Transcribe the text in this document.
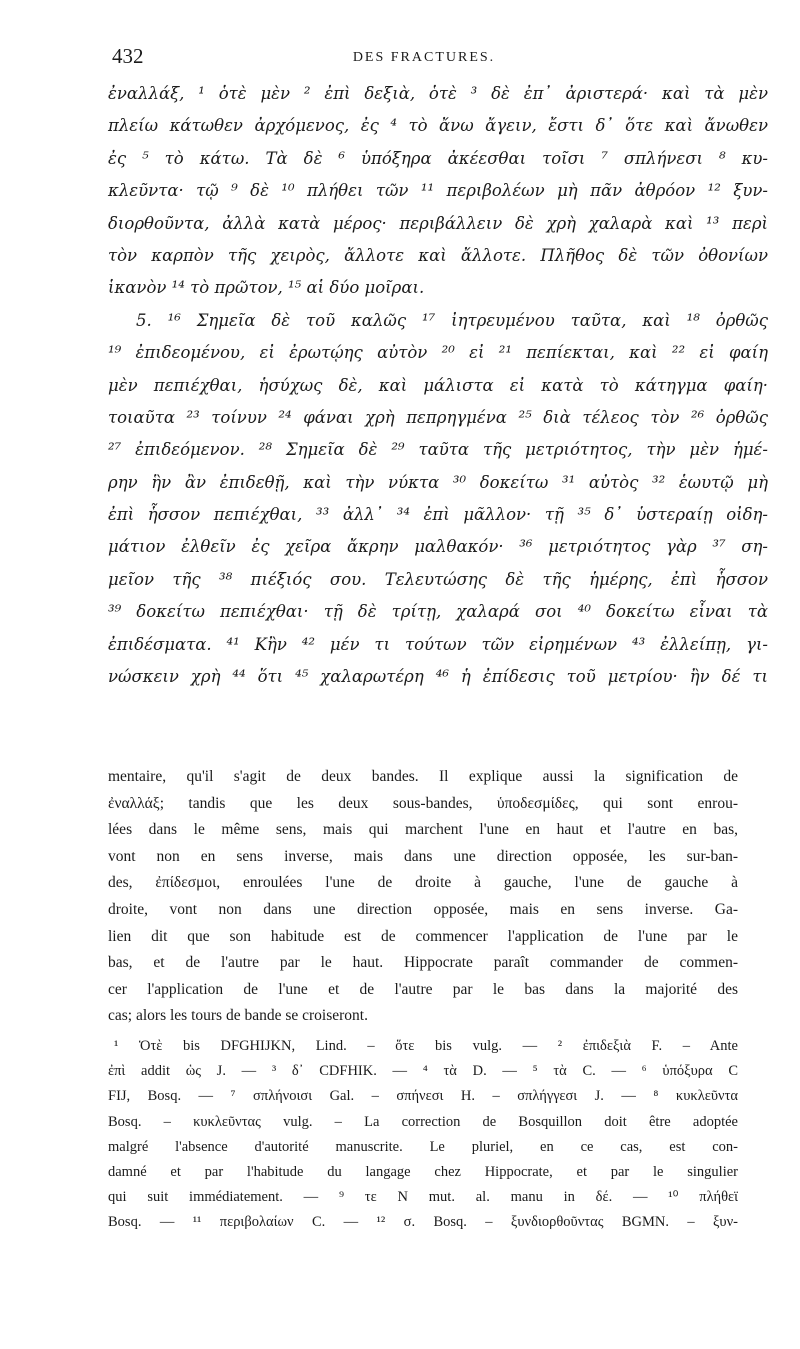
432	DES FRACTURES.
ἐναλλάξ, ¹ ὁτὲ μὲν ² ἐπὶ δεξιὰ, ὁτὲ ³ δὲ ἐπ᾽ ἀριστερά· καὶ τὰ μὲν
πλείω κάτωθεν ἀρχόμενος, ἐς ⁴ τὸ ἄνω ἄγειν, ἔστι δ᾽ ὅτε καὶ ἄνωθεν
ἐς ⁵ τὸ κάτω. Τὰ δὲ ⁶ ὑπόξηρα ἀκέεσθαι τοῖσι ⁷ σπλήνεσι ⁸ κυ-
κλεῦντα· τῷ ⁹ δὲ ¹⁰ πλήθει τῶν ¹¹ περιβολέων μὴ πᾶν ἀθρόον ¹² ξυν-
διορθοῦντα, ἀλλὰ κατὰ μέρος· περιβάλλειν δὲ χρὴ χαλαρὰ καὶ ¹³ περὶ
τὸν καρπὸν τῆς χειρὸς, ἄλλοτε καὶ ἄλλοτε. Πλῆθος δὲ τῶν ὀθονίων
ἱκανὸν ¹⁴ τὸ πρῶτον, ¹⁵ αἱ δύο μοῖραι.
5. ¹⁶ Σημεῖα δὲ τοῦ καλῶς ¹⁷ ἰητρευμένου ταῦτα, καὶ ¹⁸ ὀρθῶς
¹⁹ ἐπιδεομένου, εἰ ἐρωτῴης αὐτὸν ²⁰ εἰ ²¹ πεπίεκται, καὶ ²² εἰ φαίη
μὲν πεπιέχθαι, ἡσύχως δὲ, καὶ μάλιστα εἰ κατὰ τὸ κάτηγμα φαίη·
τοιαῦτα ²³ τοίνυν ²⁴ φάναι χρὴ πεπρηγμένα ²⁵ διὰ τέλεος τὸν ²⁶ ὀρθῶς
²⁷ ἐπιδεόμενον. ²⁸ Σημεῖα δὲ ²⁹ ταῦτα τῆς μετριότητος, τὴν μὲν ἡμέ-
ρην ἣν ἂν ἐπιδεθῇ, καὶ τὴν νύκτα ³⁰ δοκείτω ³¹ αὐτὸς ³² ἑωυτῷ μὴ
ἐπὶ ἧσσον πεπιέχθαι, ³³ ἀλλ᾽ ³⁴ ἐπὶ μᾶλλον· τῇ ³⁵ δ᾽ ὑστεραίῃ οἰδη-
μάτιον ἐλθεῖν ἐς χεῖρα ἄκρην μαλθακόν· ³⁶ μετριότητος γὰρ ³⁷ ση-
μεῖον τῆς ³⁸ πιέξιός σου. Τελευτώσης δὲ τῆς ἡμέρης, ἐπὶ ἧσσον
³⁹ δοκείτω πεπιέχθαι· τῇ δὲ τρίτῃ, χαλαρά σοι ⁴⁰ δοκείτω εἶναι τὰ
ἐπιδέσματα. ⁴¹ Κἢν ⁴² μέν τι τούτων τῶν εἰρημένων ⁴³ ἐλλείπῃ, γι-
νώσκειν χρὴ ⁴⁴ ὅτι ⁴⁵ χαλαρωτέρη ⁴⁶ ἡ ἐπίδεσις τοῦ μετρίου· ἢν δέ τι
mentaire, qu'il s'agit de deux bandes. Il explique aussi la signification de
ἐναλλάξ; tandis que les deux sous-bandes, ὑποδεσμίδες, qui sont enrou-
lées dans le même sens, mais qui marchent l'une en haut et l'autre en bas,
vont non en sens inverse, mais dans une direction opposée, les sur-ban-
des, ἐπίδεσμοι, enroulées l'une de droite à gauche, l'une de gauche à
droite, vont non dans une direction opposée, mais en sens inverse. Ga-
lien dit que son habitude est de commencer l'application de l'une par le
bas, et de l'autre par le haut. Hippocrate paraît commander de commen-
cer l'application de l'une et de l'autre par le bas dans la majorité des
cas; alors les tours de bande se croiseront.
¹ Ὁτὲ bis DFGHIJKN, Lind. – ὅτε bis vulg. — ² ἐπιδεξιὰ F. – Ante
ἐπὶ addit ὡς J. — ³ δ᾽ CDFHIK. — ⁴ τὰ D. — ⁵ τὰ C. — ⁶ ὑπόξυρα C
FIJ, Bosq. — ⁷ σπλήνοισι Gal. – σπήνεσι H. – σπλήγγεσι J. — ⁸ κυκλεῦντα
Bosq. – κυκλεῦντας vulg. – La correction de Bosquillon doit être adoptée
malgré l'absence d'autorité manuscrite. Le pluriel, en ce cas, est con-
damné et par l'habitude du langage chez Hippocrate, et par le singulier
qui suit immédiatement. — ⁹ τε N mut. al. manu in δέ. — ¹⁰ πλήθεϊ
Bosq. — ¹¹ περιβολαίων C. — ¹² σ. Bosq. – ξυνδιορθοῦντας BGMN. – ξυν-
